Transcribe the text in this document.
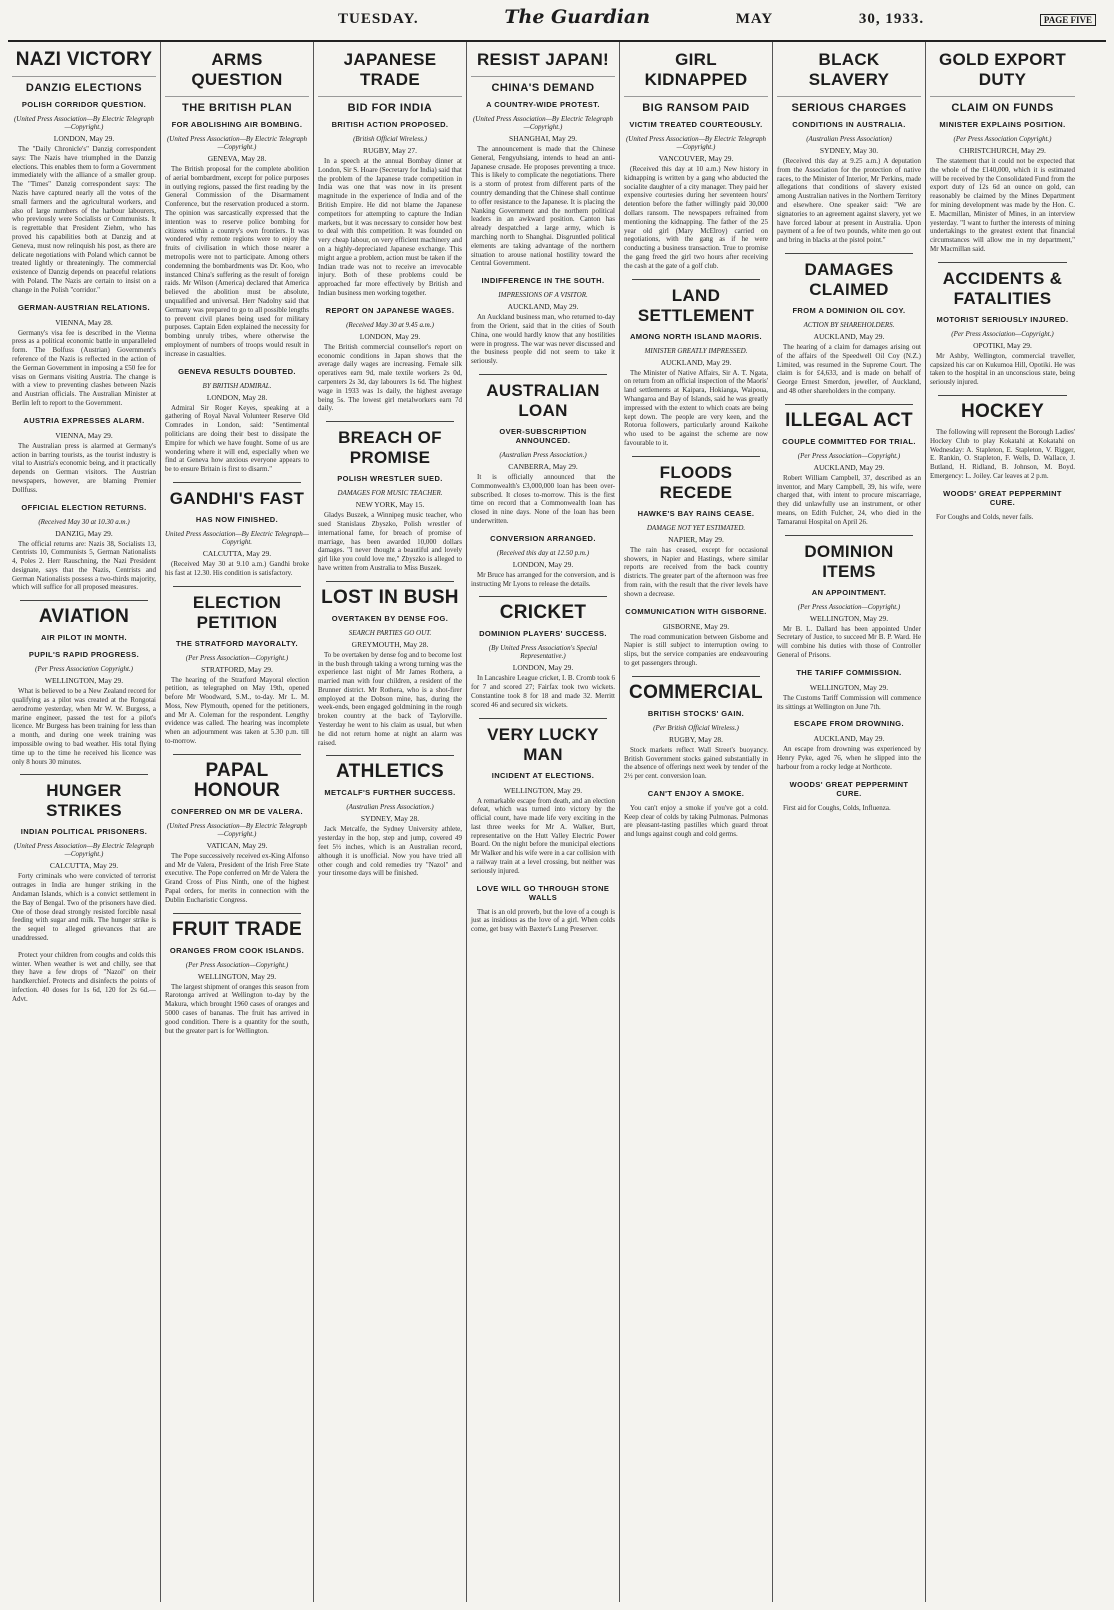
TUESDAY.	The Guardian	MAY	30, 1933.	PAGE FIVE
NAZI VICTORY
DANZIG ELECTIONS
POLISH CORRIDOR QUESTION.
(United Press Association—By Electric Telegraph—Copyright.)
LONDON, May 29.
The "Daily Chronicle's" Danzig correspondent says: The Nazis have triumphed in the Danzig elections. This enables them to form a Government immediately with the alliance of a smaller group. The "Times" Danzig correspondent says: The Nazis have captured nearly all the votes of the small farmers and the agricultural workers, and also of large numbers of the harbour labourers, who previously were Socialists or Communists. It is regrettable that President Ziehm, who has proved his capabilities both at Danzig and at Geneva, must now relinquish his post, as there are delicate negotiations with Poland which cannot be treated lightly or threateningly. The commercial existence of Danzig depends on peaceful relations with Poland. The Nazis are certain to insist on a change in the Polish "corridor."
GERMAN-AUSTRIAN RELATIONS.
VIENNA, May 28.
Germany's visa fee is described in the Vienna press as a political economic battle in unparalleled form. The Bolfuss (Austrian) Government's reference of the Nazis is reflected in the action of the German Government in imposing a £50 fee for visas on Germans visiting Austria. The change is with a view to preventing clashes between Nazis and Austrian officials. The Australian Minister at Berlin left to report to the Government.
AUSTRIA EXPRESSES ALARM.
VIENNA, May 29.
The Australian press is alarmed at Germany's action in barring tourists, as the tourist industry is vital to Austria's economic being, and it practically depends on German visitors. The Austrian newspapers, however, are blaming Premier Dollfuss.
OFFICIAL ELECTION RETURNS.
(Received May 30 at 10.30 a.m.)
DANZIG, May 29.
The official returns are: Nazis 38, Socialists 13, Centrists 10, Communists 5, German Nationalists 4, Poles 2. Herr Rauschning, the Nazi President designate, says that the Nazis, Centrists and German Nationalists possess a two-thirds majority, which will suffice for all proposed measures.
AVIATION
AIR PILOT IN MONTH.
PUPIL'S RAPID PROGRESS.
(Per Press Association Copyright.)
WELLINGTON, May 29.
What is believed to be a New Zealand record for qualifying as a pilot was created at the Rongotai aerodrome yesterday, when Mr W. W. Burgess, a marine engineer, passed the test for a pilot's licence. Mr Burgess has been training for less than a month, and during one week training was impossible owing to bad weather. His total flying time up to the time he received his licence was only 8 hours 30 minutes.
HUNGER STRIKES
INDIAN POLITICAL PRISONERS.
(United Press Association—By Electric Telegraph—Copyright.)
CALCUTTA, May 29.
Forty criminals who were convicted of terrorist outrages in India are hunger striking in the Andaman Islands, which is a convict settlement in the Bay of Bengal. Two of the prisoners have died. One of those dead strongly resisted forcible nasal feeding with sugar and milk. The hunger strike is the sequel to alleged grievances that are unaddressed.
Protect your children from coughs and colds this winter. When weather is wet and chilly, see that they have a few drops of "Nazol" on their handkerchief. Protects and disinfects the points of infection. 40 doses for 1s 6d, 120 for 2s 6d.—Advt.
ARMS QUESTION
THE BRITISH PLAN
FOR ABOLISHING AIR BOMBING.
(United Press Association—By Electric Telegraph—Copyright.)
GENEVA, May 28.
The British proposal for the complete abolition of aerial bombardment, except for police purposes in outlying regions, passed the first reading by the General Commission of the Disarmament Conference, but the reservation produced a storm. The opinion was sarcastically expressed that the intention was to reserve police bombing for citizens within a country's own frontiers. It was wondered why remote regions were to enjoy the fruits of civilisation in which those nearer a metropolis were not to participate. Among others condemning the bombardments was Dr. Koo, who instanced China's suffering as the result of foreign raids. Mr Wilson (America) declared that America believed the abolition must be absolute, unqualified and universal. Herr Nadolny said that Germany was prepared to go to all possible lengths to prevent civil planes being used for military purposes. Captain Eden explained the necessity for bombing unruly tribes, where otherwise the employment of numbers of troops would result in increase in casualties.
GENEVA RESULTS DOUBTED.
BY BRITISH ADMIRAL.
LONDON, May 28.
Admiral Sir Roger Keyes, speaking at a gathering of Royal Naval Volunteer Reserve Old Comrades in London, said: "Sentimental politicians are doing their best to dissipate the Empire for which we have fought. Some of us are wondering where it will end, especially when we find at Geneva how anxious everyone appears to be to ensure Britain is first to disarm."
GANDHI'S FAST
HAS NOW FINISHED.
United Press Association—By Electric Telegraph—Copyright.
CALCUTTA, May 29.
(Received May 30 at 9.10 a.m.) Gandhi broke his fast at 12.30. His condition is satisfactory.
ELECTION PETITION
THE STRATFORD MAYORALTY.
(Per Press Association—Copyright.)
STRATFORD, May 29.
The hearing of the Stratford Mayoral election petition, as telegraphed on May 19th, opened before Mr Woodward, S.M., to-day. Mr L. M. Moss, New Plymouth, opened for the petitioners, and Mr A. Coleman for the respondent. Lengthy evidence was called. The hearing was incomplete when an adjournment was taken at 5.30 p.m. till to-morrow.
PAPAL HONOUR
CONFERRED ON MR DE VALERA.
(United Press Association—By Electric Telegraph—Copyright.)
VATICAN, May 29.
The Pope successively received ex-King Alfonso and Mr de Valera, President of the Irish Free State executive. The Pope conferred on Mr de Valera the Grand Cross of Pius Ninth, one of the highest Papal orders, for merits in connection with the Dublin Eucharistic Congress.
FRUIT TRADE
ORANGES FROM COOK ISLANDS.
(Per Press Association—Copyright.)
WELLINGTON, May 29.
The largest shipment of oranges this season from Rarotonga arrived at Wellington to-day by the Makura, which brought 1960 cases of oranges and 5000 cases of bananas. The fruit has arrived in good condition. There is a quantity for the south, but the greater part is for Wellington.
JAPANESE TRADE
BID FOR INDIA
BRITISH ACTION PROPOSED.
(British Official Wireless.)
RUGBY, May 27.
In a speech at the annual Bombay dinner at London, Sir S. Hoare (Secretary for India) said that the problem of the Japanese trade competition in India was one that was now in its present magnitude in the experience of India and of the British Empire. He did not blame the Japanese competitors for attempting to capture the Indian markets, but it was necessary to consider how best to deal with this competition. It was founded on very cheap labour, on very efficient machinery and on a highly-depreciated Japanese exchange. This might argue a problem, action must be taken if the Indian trade was not to receive an irrevocable injury. Both of these problems could be approached far more effectively by British and Indian business men working together.
REPORT ON JAPANESE WAGES.
(Received May 30 at 9.45 a.m.)
LONDON, May 29.
The British commercial counsellor's report on economic conditions in Japan shows that the average daily wages are increasing. Female silk operatives earn 9d, male textile workers 2s 0d, carpenters 2s 3d, day labourers 1s 6d. The highest wage in 1933 was 1s daily, the highest average being 5s. The lowest girl metalworkers earn 7d daily.
BREACH OF PROMISE
POLISH WRESTLER SUED.
DAMAGES FOR MUSIC TEACHER.
NEW YORK, May 15.
Gladys Buszek, a Winnipeg music teacher, who sued Stanislaus Zbyszko, Polish wrestler of international fame, for breach of promise of marriage, has been awarded 10,000 dollars damages. "I never thought a beautiful and lovely girl like you could love me," Zbyszko is alleged to have written from Australia to Miss Buszek.
LOST IN BUSH
OVERTAKEN BY DENSE FOG.
SEARCH PARTIES GO OUT.
GREYMOUTH, May 28.
To be overtaken by dense fog and to become lost in the bush through taking a wrong turning was the experience last night of Mr James Rothera, a married man with four children, a resident of the Brunner district. Mr Rothera, who is a shot-firer employed at the Dobson mine, has, during the week-ends, been engaged goldmining in the rough broken country at the back of Taylorville. Yesterday he went to his claim as usual, but when he did not return home at night an alarm was raised.
ATHLETICS
METCALF'S FURTHER SUCCESS.
(Australian Press Association.)
SYDNEY, May 28.
Jack Metcalfe, the Sydney University athlete, yesterday in the hop, step and jump, covered 49 feet 5½ inches, which is an Australian record, although it is unofficial. Now you have tried all other cough and cold remedies try "Nazol" and your tiresome days will be finished.
RESIST JAPAN!
CHINA'S DEMAND
A COUNTRY-WIDE PROTEST.
(United Press Association—By Electric Telegraph—Copyright.)
SHANGHAI, May 29.
The announcement is made that the Chinese General, Fengyuhsiang, intends to head an anti-Japanese crusade. He proposes preventing a truce. This is likely to complicate the negotiations. There is a storm of protest from different parts of the country demanding that the Chinese shall continue to offer resistance to the Japanese. It is placing the Nanking Government and the northern political leaders in an awkward position. Canton has already despatched a large army, which is marching north to Shanghai. Disgruntled political elements are taking advantage of the northern situation to arouse national hostility toward the Central Government.
INDIFFERENCE IN THE SOUTH.
IMPRESSIONS OF A VISITOR.
AUCKLAND, May 29.
An Auckland business man, who returned to-day from the Orient, said that in the cities of South China, one would hardly know that any hostilities were in progress. The war was never discussed and the business people did not seem to take it seriously.
AUSTRALIAN LOAN
OVER-SUBSCRIPTION ANNOUNCED.
(Australian Press Association.)
CANBERRA, May 29.
It is officially announced that the Commonwealth's £3,000,000 loan has been over-subscribed. It closes to-morrow. This is the first time on record that a Commonwealth loan has closed in nine days. None of the loan has been underwritten.
CONVERSION ARRANGED.
(Received this day at 12.50 p.m.)
LONDON, May 29.
Mr Bruce has arranged for the conversion, and is instructing Mr Lyons to release the details.
CRICKET
DOMINION PLAYERS' SUCCESS.
(By United Press Association's Special Representative.)
LONDON, May 29.
In Lancashire League cricket, I. B. Cromb took 6 for 7 and scored 27; Fairfax took two wickets. Constantine took 8 for 18 and made 32. Merritt scored 46 and secured six wickets.
VERY LUCKY MAN
INCIDENT AT ELECTIONS.
WELLINGTON, May 29.
A remarkable escape from death, and an election defeat, which was turned into victory by the official count, have made life very exciting in the last three weeks for Mr A. Walker, Burt, representative on the Hutt Valley Electric Power Board. On the night before the municipal elections Mr Walker and his wife were in a car collision with a railway train at a level crossing, but neither was seriously injured.
LOVE WILL GO THROUGH STONE WALLS
That is an old proverb, but the love of a cough is just as insidious as the love of a girl. When colds come, get busy with Baxter's Lung Preserver.
GIRL KIDNAPPED
BIG RANSOM PAID
VICTIM TREATED COURTEOUSLY.
(United Press Association—By Electric Telegraph—Copyright.)
VANCOUVER, May 29.
(Received this day at 10 a.m.) New history in kidnapping is written by a gang who abducted the socialite daughter of a city manager. They paid her expensive courtesies during her seventeen hours' detention before the father willingly paid 30,000 dollars ransom. The newspapers refrained from mentioning the kidnapping. The father of the 25 year old girl (Mary McElroy) carried on negotiations, with the gang as if he were conducting a business transaction. True to promise the gang freed the girl two hours after receiving the cash at the gate of a golf club.
LAND SETTLEMENT
AMONG NORTH ISLAND MAORIS.
MINISTER GREATLY IMPRESSED.
AUCKLAND, May 29.
The Minister of Native Affairs, Sir A. T. Ngata, on return from an official inspection of the Maoris' land settlements at Kaipara, Hokianga, Waipoua, Whangaroa and Bay of Islands, said he was greatly impressed with the extent to which coats are being kept down. The people are very keen, and the Rotorua followers, particularly around Kaikohe who used to be against the scheme are now favourable to it.
FLOODS RECEDE
HAWKE'S BAY RAINS CEASE.
DAMAGE NOT YET ESTIMATED.
NAPIER, May 29.
The rain has ceased, except for occasional showers, in Napier and Hastings, where similar reports are received from the back country districts. The greater part of the afternoon was free from rain, with the result that the river levels have shown a decrease.
COMMUNICATION WITH GISBORNE.
GISBORNE, May 29.
The road communication between Gisborne and Napier is still subject to interruption owing to slips, but the service companies are endeavouring to get passengers through.
COMMERCIAL
BRITISH STOCKS' GAIN.
(Per British Official Wireless.)
RUGBY, May 28.
Stock markets reflect Wall Street's buoyancy. British Government stocks gained substantially in the absence of offerings next week by tender of the 2½ per cent. conversion loan.
CAN'T ENJOY A SMOKE.
You can't enjoy a smoke if you've got a cold. Keep clear of colds by taking Pulmonas. Pulmonas are pleasant-tasting pastilles which guard throat and lungs against cough and cold germs.
BLACK SLAVERY
SERIOUS CHARGES
CONDITIONS IN AUSTRALIA.
(Australian Press Association)
SYDNEY, May 30.
(Received this day at 9.25 a.m.) A deputation from the Association for the protection of native races, to the Minister of Interior, Mr Perkins, made allegations that conditions of slavery existed among Australian natives in the Northern Territory and elsewhere. One speaker said: "We are signatories to an agreement against slavery, yet we have forced labour at present in Australia. Upon payment of a fee of two pounds, white men go out and bring in blacks at the pistol point."
DAMAGES CLAIMED
FROM A DOMINION OIL COY.
ACTION BY SHAREHOLDERS.
AUCKLAND, May 29.
The hearing of a claim for damages arising out of the affairs of the Speedwell Oil Coy (N.Z.) Limited, was resumed in the Supreme Court. The claim is for £4,633, and is made on behalf of George Ernest Smerdon, jeweller, of Auckland, and 48 other shareholders in the company.
ILLEGAL ACT
COUPLE COMMITTED FOR TRIAL.
(Per Press Association—Copyright.)
AUCKLAND, May 29.
Robert William Campbell, 37, described as an inventor, and Mary Campbell, 39, his wife, were charged that, with intent to procure miscarriage, they did unlawfully use an instrument, or other means, on Edith Fulcher, 24, who died in the Tamaranui Hospital on April 26.
DOMINION ITEMS
AN APPOINTMENT.
(Per Press Association—Copyright.)
WELLINGTON, May 29.
Mr B. L. Dallard has been appointed Under Secretary of Justice, to succeed Mr B. P. Ward. He will combine his duties with those of Controller General of Prisons.
THE TARIFF COMMISSION.
WELLINGTON, May 29.
The Customs Tariff Commission will commence its sittings at Wellington on June 7th.
ESCAPE FROM DROWNING.
AUCKLAND, May 29.
An escape from drowning was experienced by Henry Pyke, aged 76, when he slipped into the harbour from a rocky ledge at Northcote.
WOODS' GREAT PEPPERMINT CURE.
First aid for Coughs, Colds, Influenza.
GOLD EXPORT DUTY
CLAIM ON FUNDS
MINISTER EXPLAINS POSITION.
(Per Press Association Copyright.)
CHRISTCHURCH, May 29.
The statement that it could not be expected that the whole of the £140,000, which it is estimated will be received by the Consolidated Fund from the export duty of 12s 6d an ounce on gold, can reasonably be claimed by the Mines Department for mining development was made by the Hon. C. E. Macmillan, Minister of Mines, in an interview yesterday. "I want to further the interests of mining undertakings to the greatest extent that financial circumstances will allow me in my department," Mr Macmillan said.
ACCIDENTS & FATALITIES
MOTORIST SERIOUSLY INJURED.
(Per Press Association—Copyright.)
OPOTIKI, May 29.
Mr Ashby, Wellington, commercial traveller, capsized his car on Kukumoa Hill, Opotiki. He was taken to the hospital in an unconscious state, being seriously injured.
HOCKEY
The following will represent the Borough Ladies' Hockey Club to play Kokatahi at Kokatahi on Wednesday: A. Stapleton, E. Stapleton, V. Rigger, E. Rankin, O. Stapleton, F. Wells, D. Wallace, J. Butland, H. Ridland, B. Johnson, M. Boyd. Emergency: L. Joiley. Car leaves at 2 p.m.
WOODS' GREAT PEPPERMINT CURE.
For Coughs and Colds, never fails.
